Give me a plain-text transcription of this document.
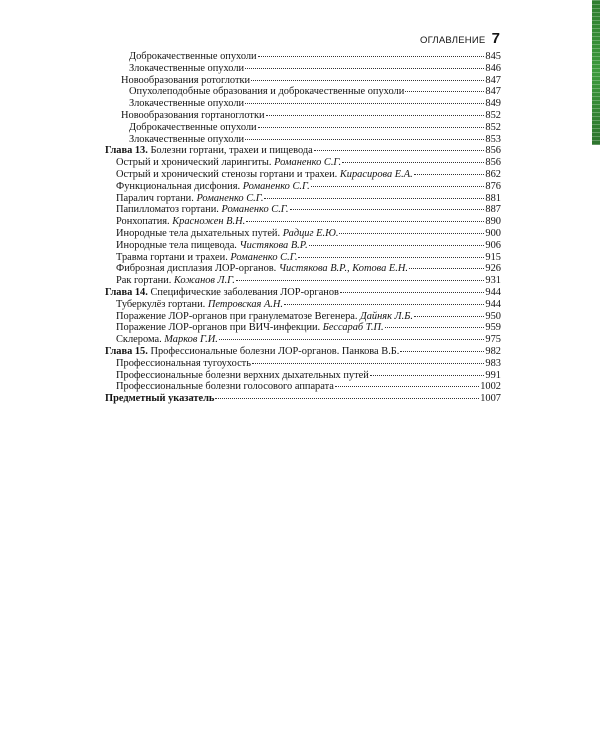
ОГЛАВЛЕНИЕ 7
Доброкачественные опухоли	845
Злокачественные опухоли	846
Новообразования ротоглотки	847
Опухолеподобные образования и доброкачественные опухоли	847
Злокачественные опухоли	849
Новообразования гортаноглотки	852
Доброкачественные опухоли	852
Злокачественные опухоли	853
Глава 13. Болезни гортани, трахеи и пищевода	856
Острый и хронический ларингиты. Романенко С.Г.	856
Острый и хронический стенозы гортани и трахеи. Кирасирова Е.А.	862
Функциональная дисфония. Романенко С.Г.	876
Паралич гортани. Романенко С.Г.	881
Папилломатоз гортани. Романенко С.Г.	887
Ронхопатия. Красножен В.Н.	890
Инородные тела дыхательных путей. Радциг Е.Ю.	900
Инородные тела пищевода. Чистякова В.Р.	906
Травма гортани и трахеи. Романенко С.Г.	915
Фиброзная дисплазия ЛОР-органов. Чистякова В.Р., Котова Е.Н.	926
Рак гортани. Кожанов Л.Г.	931
Глава 14. Специфические заболевания ЛОР-органов	944
Туберкулёз гортани. Петровская А.Н.	944
Поражение ЛОР-органов при гранулематозе Вегенера. Дайняк Л.Б.	950
Поражение ЛОР-органов при ВИЧ-инфекции. Бессараб Т.П.	959
Склерома. Марков Г.И.	975
Глава 15. Профессиональные болезни ЛОР-органов. Панкова В.Б.	982
Профессиональная тугоухость	983
Профессиональные болезни верхних дыхательных путей	991
Профессиональные болезни голосового аппарата	1002
Предметный указатель	1007
